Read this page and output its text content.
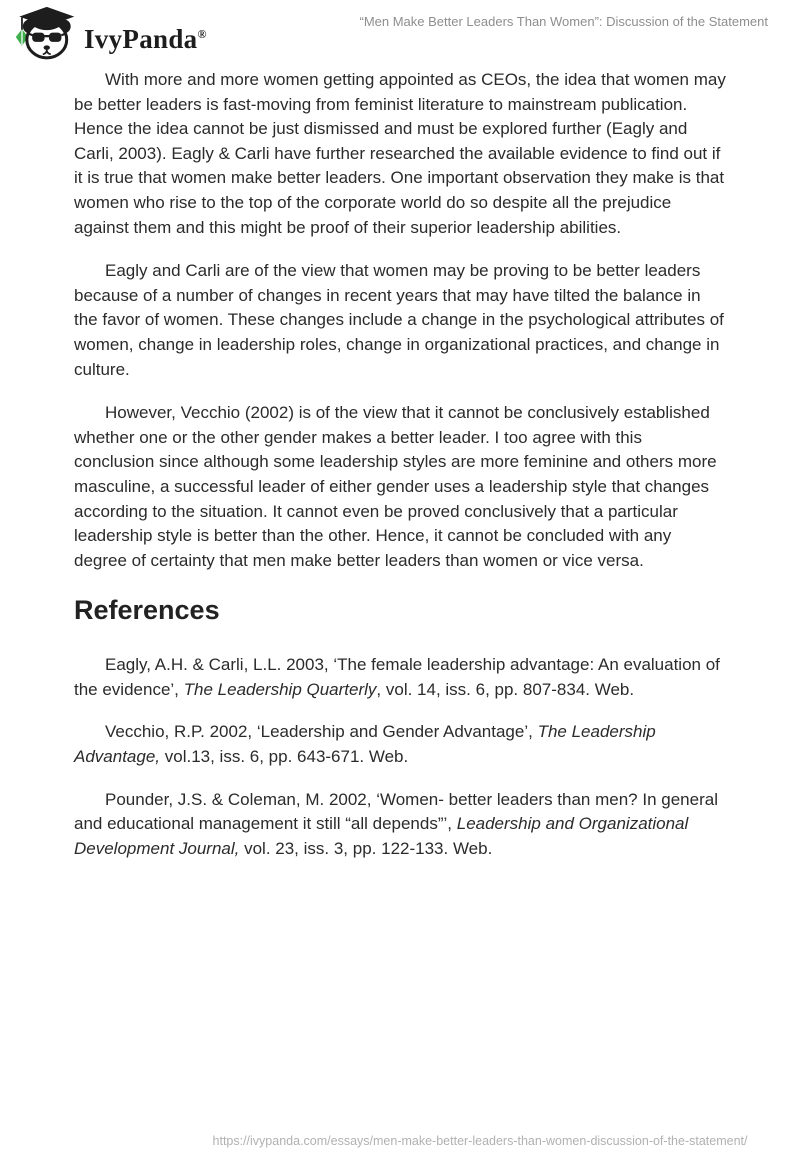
IvyPanda®
“Men Make Better Leaders Than Women”: Discussion of the Statement

With more and more women getting appointed as CEOs, the idea that women may be better leaders is fast-moving from feminist literature to mainstream publication. Hence the idea cannot be just dismissed and must be explored further (Eagly and Carli, 2003). Eagly & Carli have further researched the available evidence to find out if it is true that women make better leaders. One important observation they make is that women who rise to the top of the corporate world do so despite all the prejudice against them and this might be proof of their superior leadership abilities.

Eagly and Carli are of the view that women may be proving to be better leaders because of a number of changes in recent years that may have tilted the balance in the favor of women. These changes include a change in the psychological attributes of women, change in leadership roles, change in organizational practices, and change in culture.

However, Vecchio (2002) is of the view that it cannot be conclusively established whether one or the other gender makes a better leader. I too agree with this conclusion since although some leadership styles are more feminine and others more masculine, a successful leader of either gender uses a leadership style that changes according to the situation. It cannot even be proved conclusively that a particular leadership style is better than the other. Hence, it cannot be concluded with any degree of certainty that men make better leaders than women or vice versa.

References

Eagly, A.H. & Carli, L.L. 2003, ‘The female leadership advantage: An evaluation of the evidence’, The Leadership Quarterly, vol. 14, iss. 6, pp. 807-834. Web.

Vecchio, R.P. 2002, ‘Leadership and Gender Advantage’, The Leadership Advantage, vol.13, iss. 6, pp. 643-671. Web.

Pounder, J.S. & Coleman, M. 2002, ‘Women- better leaders than men? In general and educational management it still “all depends”’, Leadership and Organizational Development Journal, vol. 23, iss. 3, pp. 122-133. Web.

https://ivypanda.com/essays/men-make-better-leaders-than-women-discussion-of-the-statement/
